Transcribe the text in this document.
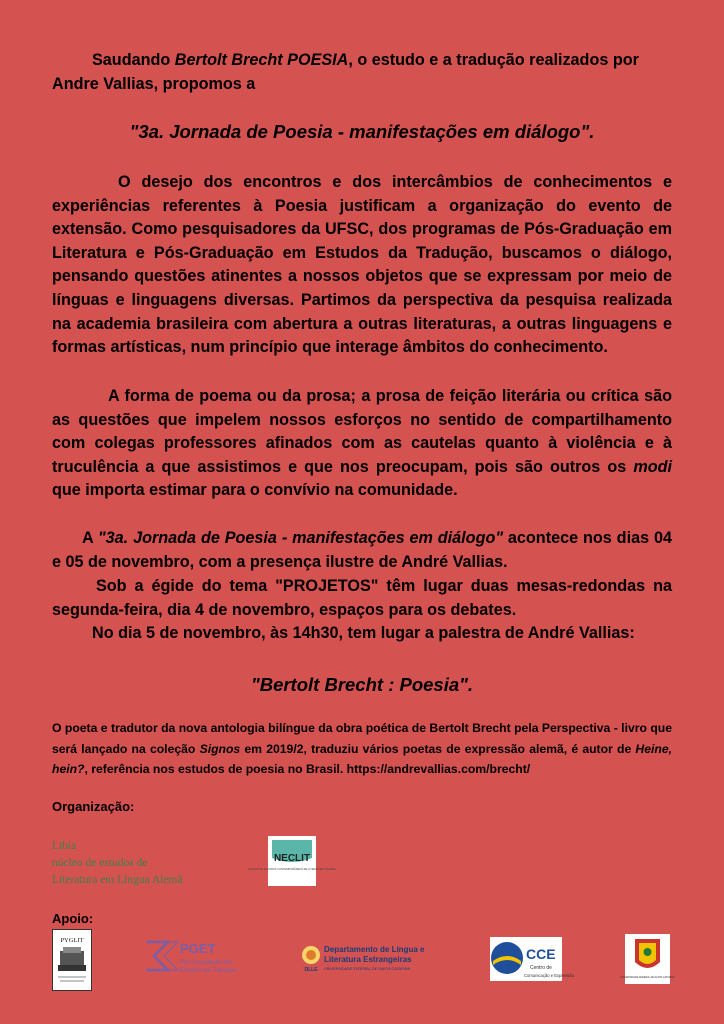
Saudando Bertolt Brecht POESIA, o estudo e a tradução realizados por Andre Vallias, propomos a

"3a. Jornada de Poesia - manifestações em diálogo".

O desejo dos encontros e dos intercâmbios de conhecimentos e experiências referentes à Poesia justificam a organização do evento de extensão. Como pesquisadores da UFSC, dos programas de Pós-Graduação em Literatura e Pós-Graduação em Estudos da Tradução, buscamos o diálogo, pensando questões atinentes a nossos objetos que se expressam por meio de línguas e linguagens diversas. Partimos da perspectiva da pesquisa realizada na academia brasileira com abertura a outras literaturas, a outras linguagens e formas artísticas, num princípio que interage âmbitos do conhecimento.

A forma de poema ou da prosa; a prosa de feição literária ou crítica são as questões que impelem nossos esforços no sentido de compartilhamento com colegas professores afinados com as cautelas quanto à violência e à truculência a que assistimos e que nos preocupam, pois são outros os modi que importa estimar para o convívio na comunidade.

A "3a. Jornada de Poesia - manifestações em diálogo" acontece nos dias 04 e 05 de novembro, com a presença ilustre de André Vallias.

Sob a égide do tema "PROJETOS" têm lugar duas mesas-redondas na segunda-feira, dia 4 de novembro, espaços para os debates.

No dia 5 de novembro, às 14h30, tem lugar a palestra de André Vallias:

"Bertolt Brecht : Poesia".

O poeta e tradutor da nova antologia bilíngue da obra poética de Bertolt Brecht pela Perspectiva - livro que será lançado na coleção Signos em 2019/2, traduziu vários poetas de expressão alemã, é autor de Heine, hein?, referência nos estudos de poesia no Brasil. https://andrevallias.com/brecht/

Organização:

Libia
núcleo de estudos de
Literatura em Língua Alemã
NECLIT
NÚCLEO DE ESTUDOS CONTEMPORÂNEOS DE LITERATURA ITALIANA

Apoio:

PYGLIT
PGET
Pós-Graduação em
Estudos da Tradução	DLLE
Departamento de Língua e
Literatura Estrangeiras
UNIVERSIDADE FEDERAL DE SANTA CATARINA
CCE
Centro de
Comunicação e Expressão	UNIVERSIDADE FEDERAL DE SANTA CATARINA
